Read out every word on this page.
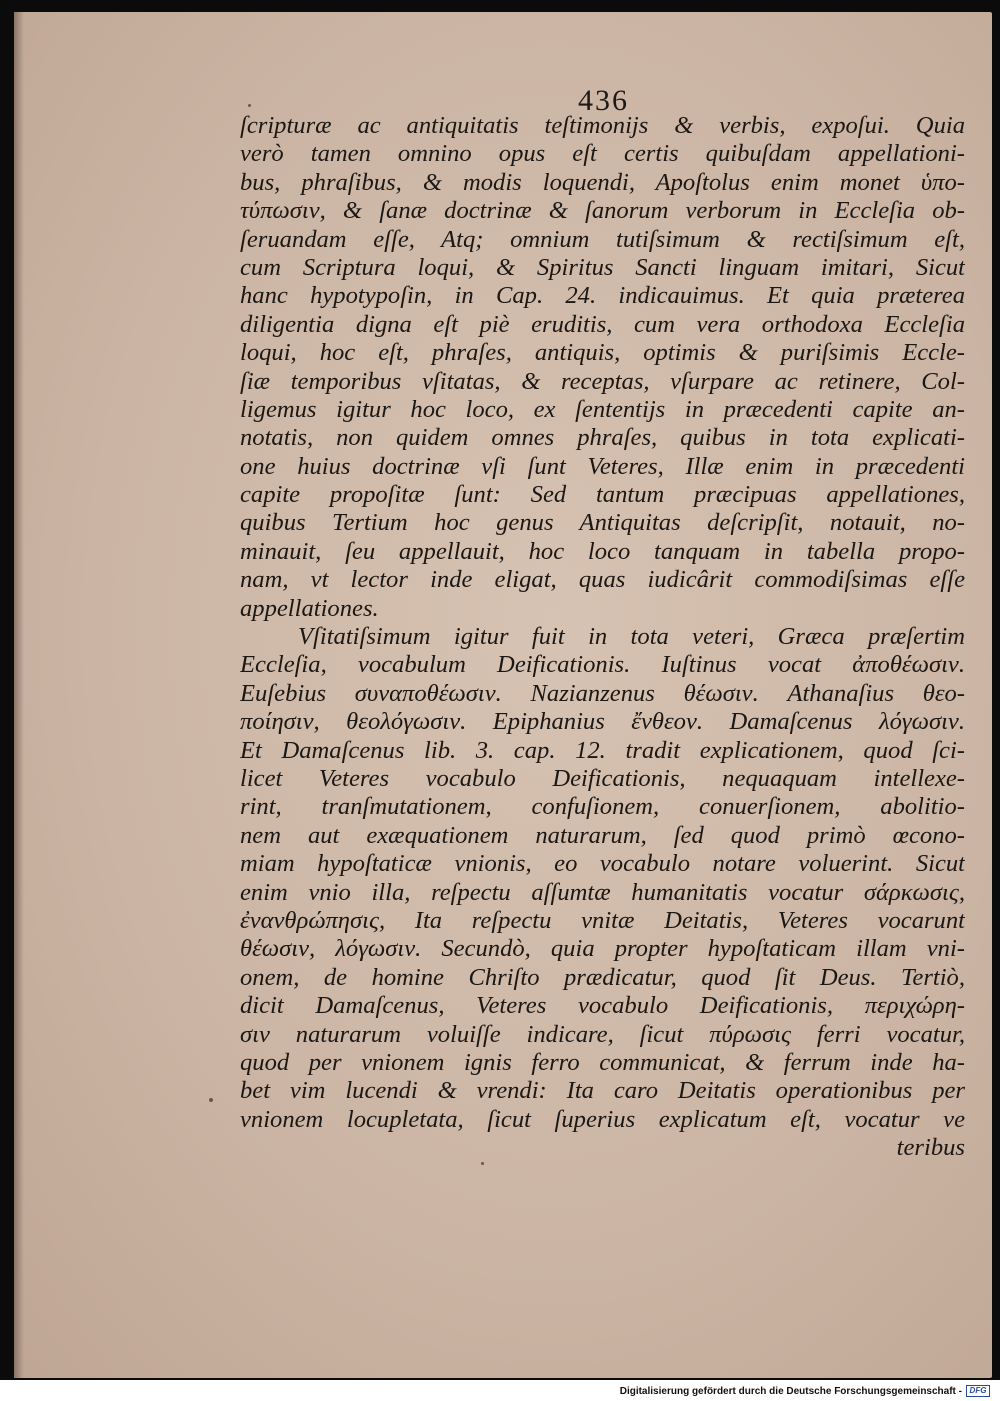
436
ſcripturæ ac antiquitatis teſtimonijs & verbis, expoſui. Quia
verò tamen omnino opus eſt certis quibuſdam appellationi-
bus, phraſibus, & modis loquendi, Apoſtolus enim monet ὑπο-
τύπωσιν, & ſanæ doctrinæ & ſanorum verborum in Eccleſia ob-
ſeruandam eſſe, Atq; omnium tutiſsimum & rectiſsimum eſt,
cum Scriptura loqui, & Spiritus Sancti linguam imitari, Sicut
hanc hypotypoſin, in Cap. 24. indicauimus. Et quia præterea
diligentia digna eſt piè eruditis, cum vera orthodoxa Eccleſia
loqui, hoc eſt, phraſes, antiquis, optimis & puriſsimis Eccle-
ſiæ temporibus vſitatas, & receptas, vſurpare ac retinere, Col-
ligemus igitur hoc loco, ex ſententijs in præcedenti capite an-
notatis, non quidem omnes phraſes, quibus in tota explicati-
one huius doctrinæ vſi ſunt Veteres, Illæ enim in præcedenti
capite propoſitæ ſunt: Sed tantum præcipuas appellationes,
quibus Tertium hoc genus Antiquitas deſcripſit, notauit, no-
minauit, ſeu appellauit, hoc loco tanquam in tabella propo-
nam, vt lector inde eligat, quas iudicârit commodiſsimas eſſe
appellationes.
Vſitatiſsimum igitur fuit in tota veteri, Græca præſertim
Eccleſia, vocabulum Deificationis. Iuſtinus vocat ἀποθέωσιν.
Euſebius συναποθέωσιν. Nazianzenus θέωσιν. Athanaſius θεο-
ποίησιν, θεολόγωσιν. Epiphanius ἔνθεον. Damaſcenus λόγωσιν.
Et Damaſcenus lib. 3. cap. 12. tradit explicationem, quod ſci-
licet Veteres vocabulo Deificationis, nequaquam intellexe-
rint, tranſmutationem, confuſionem, conuerſionem, abolitio-
nem aut exæquationem naturarum, ſed quod primò œcono-
miam hypoſtaticæ vnionis, eo vocabulo notare voluerint. Sicut
enim vnio illa, reſpectu aſſumtæ humanitatis vocatur σάρκωσις,
ἐνανθρώπησις, Ita reſpectu vnitæ Deitatis, Veteres vocarunt
θέωσιν, λόγωσιν. Secundò, quia propter hypoſtaticam illam vni-
onem, de homine Chriſto prædicatur, quod ſit Deus. Tertiò,
dicit Damaſcenus, Veteres vocabulo Deificationis, περιχώρη-
σιν naturarum voluiſſe indicare, ſicut πύρωσις ferri vocatur,
quod per vnionem ignis ferro communicat, & ferrum inde ha-
bet vim lucendi & vrendi: Ita caro Deitatis operationibus per
vnionem locupletata, ſicut ſuperius explicatum eſt, vocatur ve
teribus
Digitalisierung gefördert durch die Deutsche Forschungsgemeinschaft - DFG
